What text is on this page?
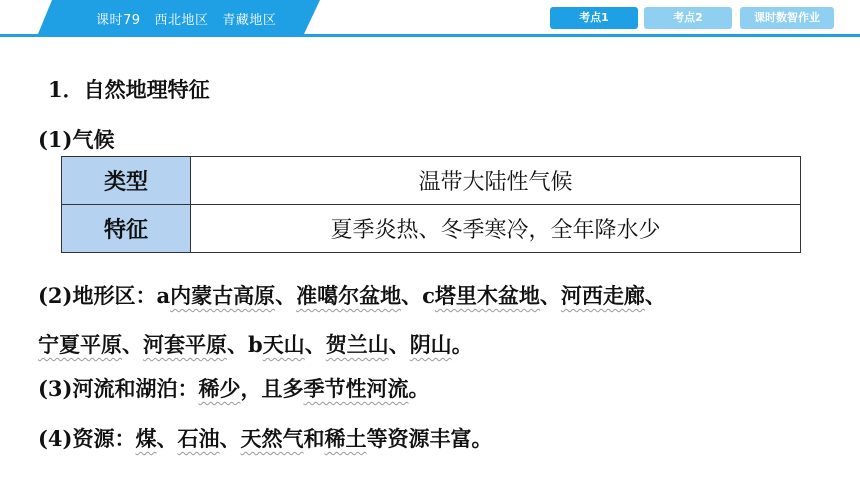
课时79 西北地区 青藏地区	考点1	考点2	课时数智作业
1．自然地理特征
(1)气候
类型	温带大陆性气候
特征	夏季炎热、冬季寒冷，全年降水少
(2)地形区：a内蒙古高原、准噶尔盆地、c塔里木盆地、河西走廊、
宁夏平原、河套平原、b天山、贺兰山、阴山。
(3)河流和湖泊：稀少，且多季节性河流。
(4)资源：煤、石油、天然气和稀土等资源丰富。
